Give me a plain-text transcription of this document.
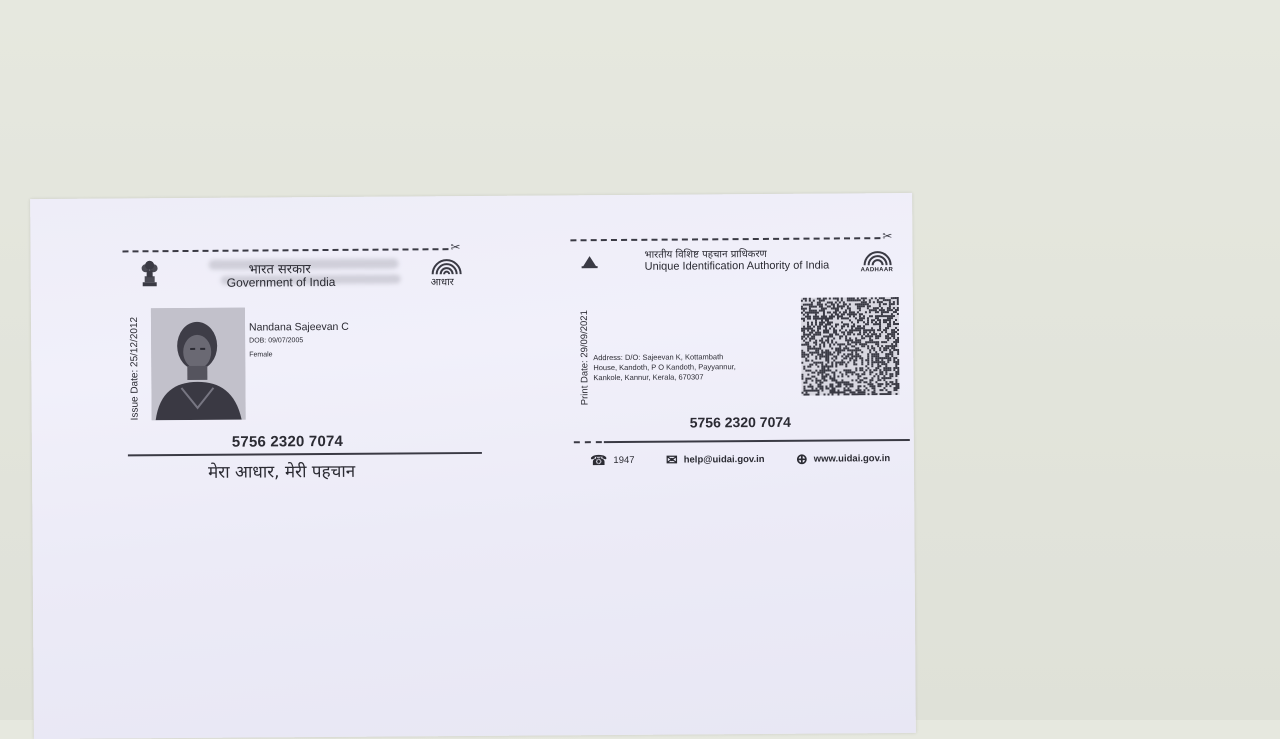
✂
भारत सरकार
Government of India	आधार
Issue Date: 25/12/2012	Nandana Sajeevan C
DOB: 09/07/2005
Female
5756 2320 7074
मेरा आधार, मेरी पहचान
✂
भारतीय विशिष्ट पहचान प्राधिकरण
Unique Identification Authority of India	AADHAAR
Print Date: 29/09/2021 Address: D/O: Sajeevan K, Kottambath
House, Kandoth, P O Kandoth, Payyannur,
Kankole, Kannur, Kerala, 670307
5756 2320 7074
☎ 1947 ✉ help@uidai.gov.in ⊕ www.uidai.gov.in
